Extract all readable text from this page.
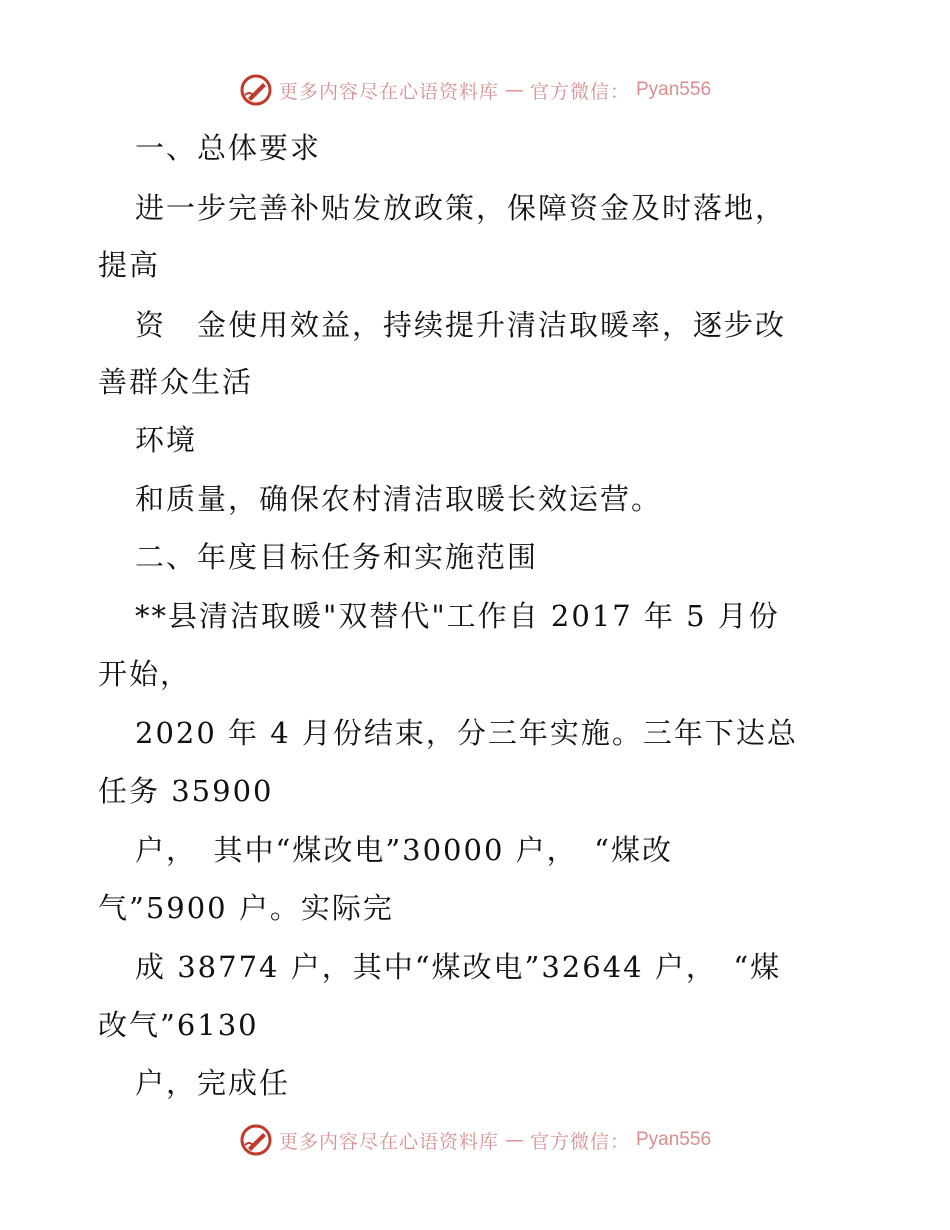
更多内容尽在心语资料库 — 官方微信： Pyan556
一、总体要求
进一步完善补贴发放政策，保障资金及时落地，
提高
资　金使用效益，持续提升清洁取暖率，逐步改
善群众生活
环境
和质量，确保农村清洁取暖长效运营。
二、年度目标任务和实施范围
**县清洁取暖"双替代"工作自 2017 年 5 月份
开始，
2020 年 4 月份结束，分三年实施。三年下达总
任务 35900
户，　其中“煤改电”30000 户，　“煤改
气”5900 户。实际完
成 38774 户，其中“煤改电”32644 户，　“煤
改气”6130
户，完成任
更多内容尽在心语资料库 — 官方微信： Pyan556
